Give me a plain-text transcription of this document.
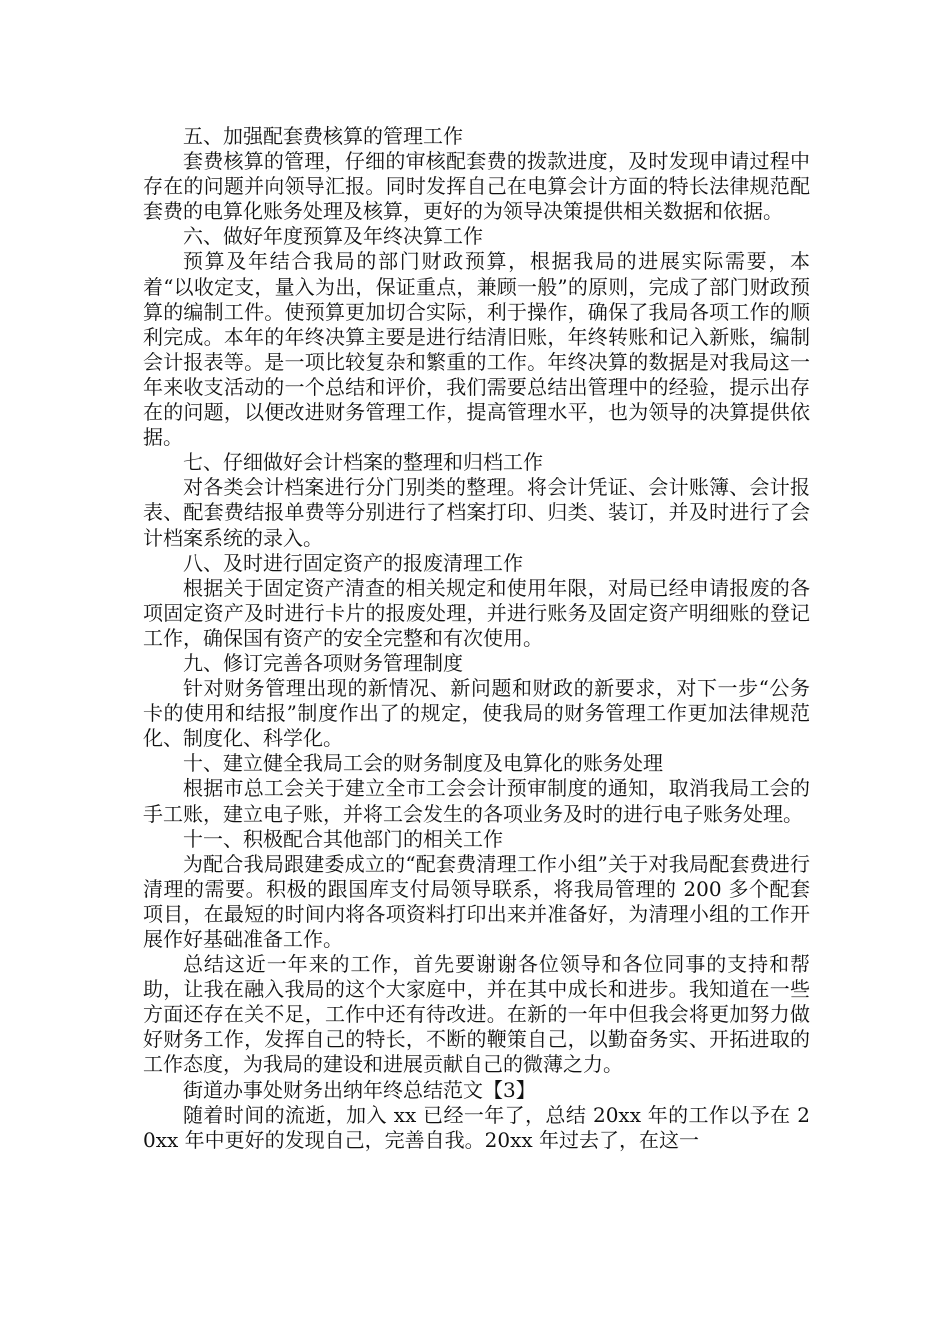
五、加强配套费核算的管理工作

套费核算的管理，仔细的审核配套费的拨款进度，及时发现申请过程中存在的问题并向领导汇报。同时发挥自己在电算会计方面的特长法律规范配套费的电算化账务处理及核算，更好的为领导决策提供相关数据和依据。

六、做好年度预算及年终决算工作

预算及年结合我局的部门财政预算，根据我局的进展实际需要，本着“以收定支，量入为出，保证重点，兼顾一般”的原则，完成了部门财政预算的编制工件。使预算更加切合实际，利于操作，确保了我局各项工作的顺利完成。本年的年终决算主要是进行结清旧账，年终转账和记入新账，编制会计报表等。是一项比较复杂和繁重的工作。年终决算的数据是对我局这一年来收支活动的一个总结和评价，我们需要总结出管理中的经验，提示出存在的问题，以便改进财务管理工作，提高管理水平，也为领导的决算提供依据。

七、仔细做好会计档案的整理和归档工作

对各类会计档案进行分门别类的整理。将会计凭证、会计账簿、会计报表、配套费结报单费等分别进行了档案打印、归类、装订，并及时进行了会计档案系统的录入。

八、及时进行固定资产的报废清理工作

根据关于固定资产清查的相关规定和使用年限，对局已经申请报废的各项固定资产及时进行卡片的报废处理，并进行账务及固定资产明细账的登记工作，确保国有资产的安全完整和有次使用。

九、修订完善各项财务管理制度

针对财务管理出现的新情况、新问题和财政的新要求，对下一步“公务卡的使用和结报”制度作出了的规定，使我局的财务管理工作更加法律规范化、制度化、科学化。

十、建立健全我局工会的财务制度及电算化的账务处理

根据市总工会关于建立全市工会会计预审制度的通知，取消我局工会的手工账，建立电子账，并将工会发生的各项业务及时的进行电子账务处理。

十一、积极配合其他部门的相关工作

为配合我局跟建委成立的“配套费清理工作小组”关于对我局配套费进行清理的需要。积极的跟国库支付局领导联系，将我局管理的 200 多个配套项目，在最短的时间内将各项资料打印出来并准备好，为清理小组的工作开展作好基础准备工作。

总结这近一年来的工作，首先要谢谢各位领导和各位同事的支持和帮助，让我在融入我局的这个大家庭中，并在其中成长和进步。我知道在一些方面还存在关不足，工作中还有待改进。在新的一年中但我会将更加努力做好财务工作，发挥自己的特长，不断的鞭策自己，以勤奋务实、开拓进取的工作态度，为我局的建设和进展贡献自己的微薄之力。

街道办事处财务出纳年终总结范文【3】

随着时间的流逝，加入 xx 已经一年了，总结 20xx 年的工作以予在 20xx 年中更好的发现自己，完善自我。20xx 年过去了，在这一
